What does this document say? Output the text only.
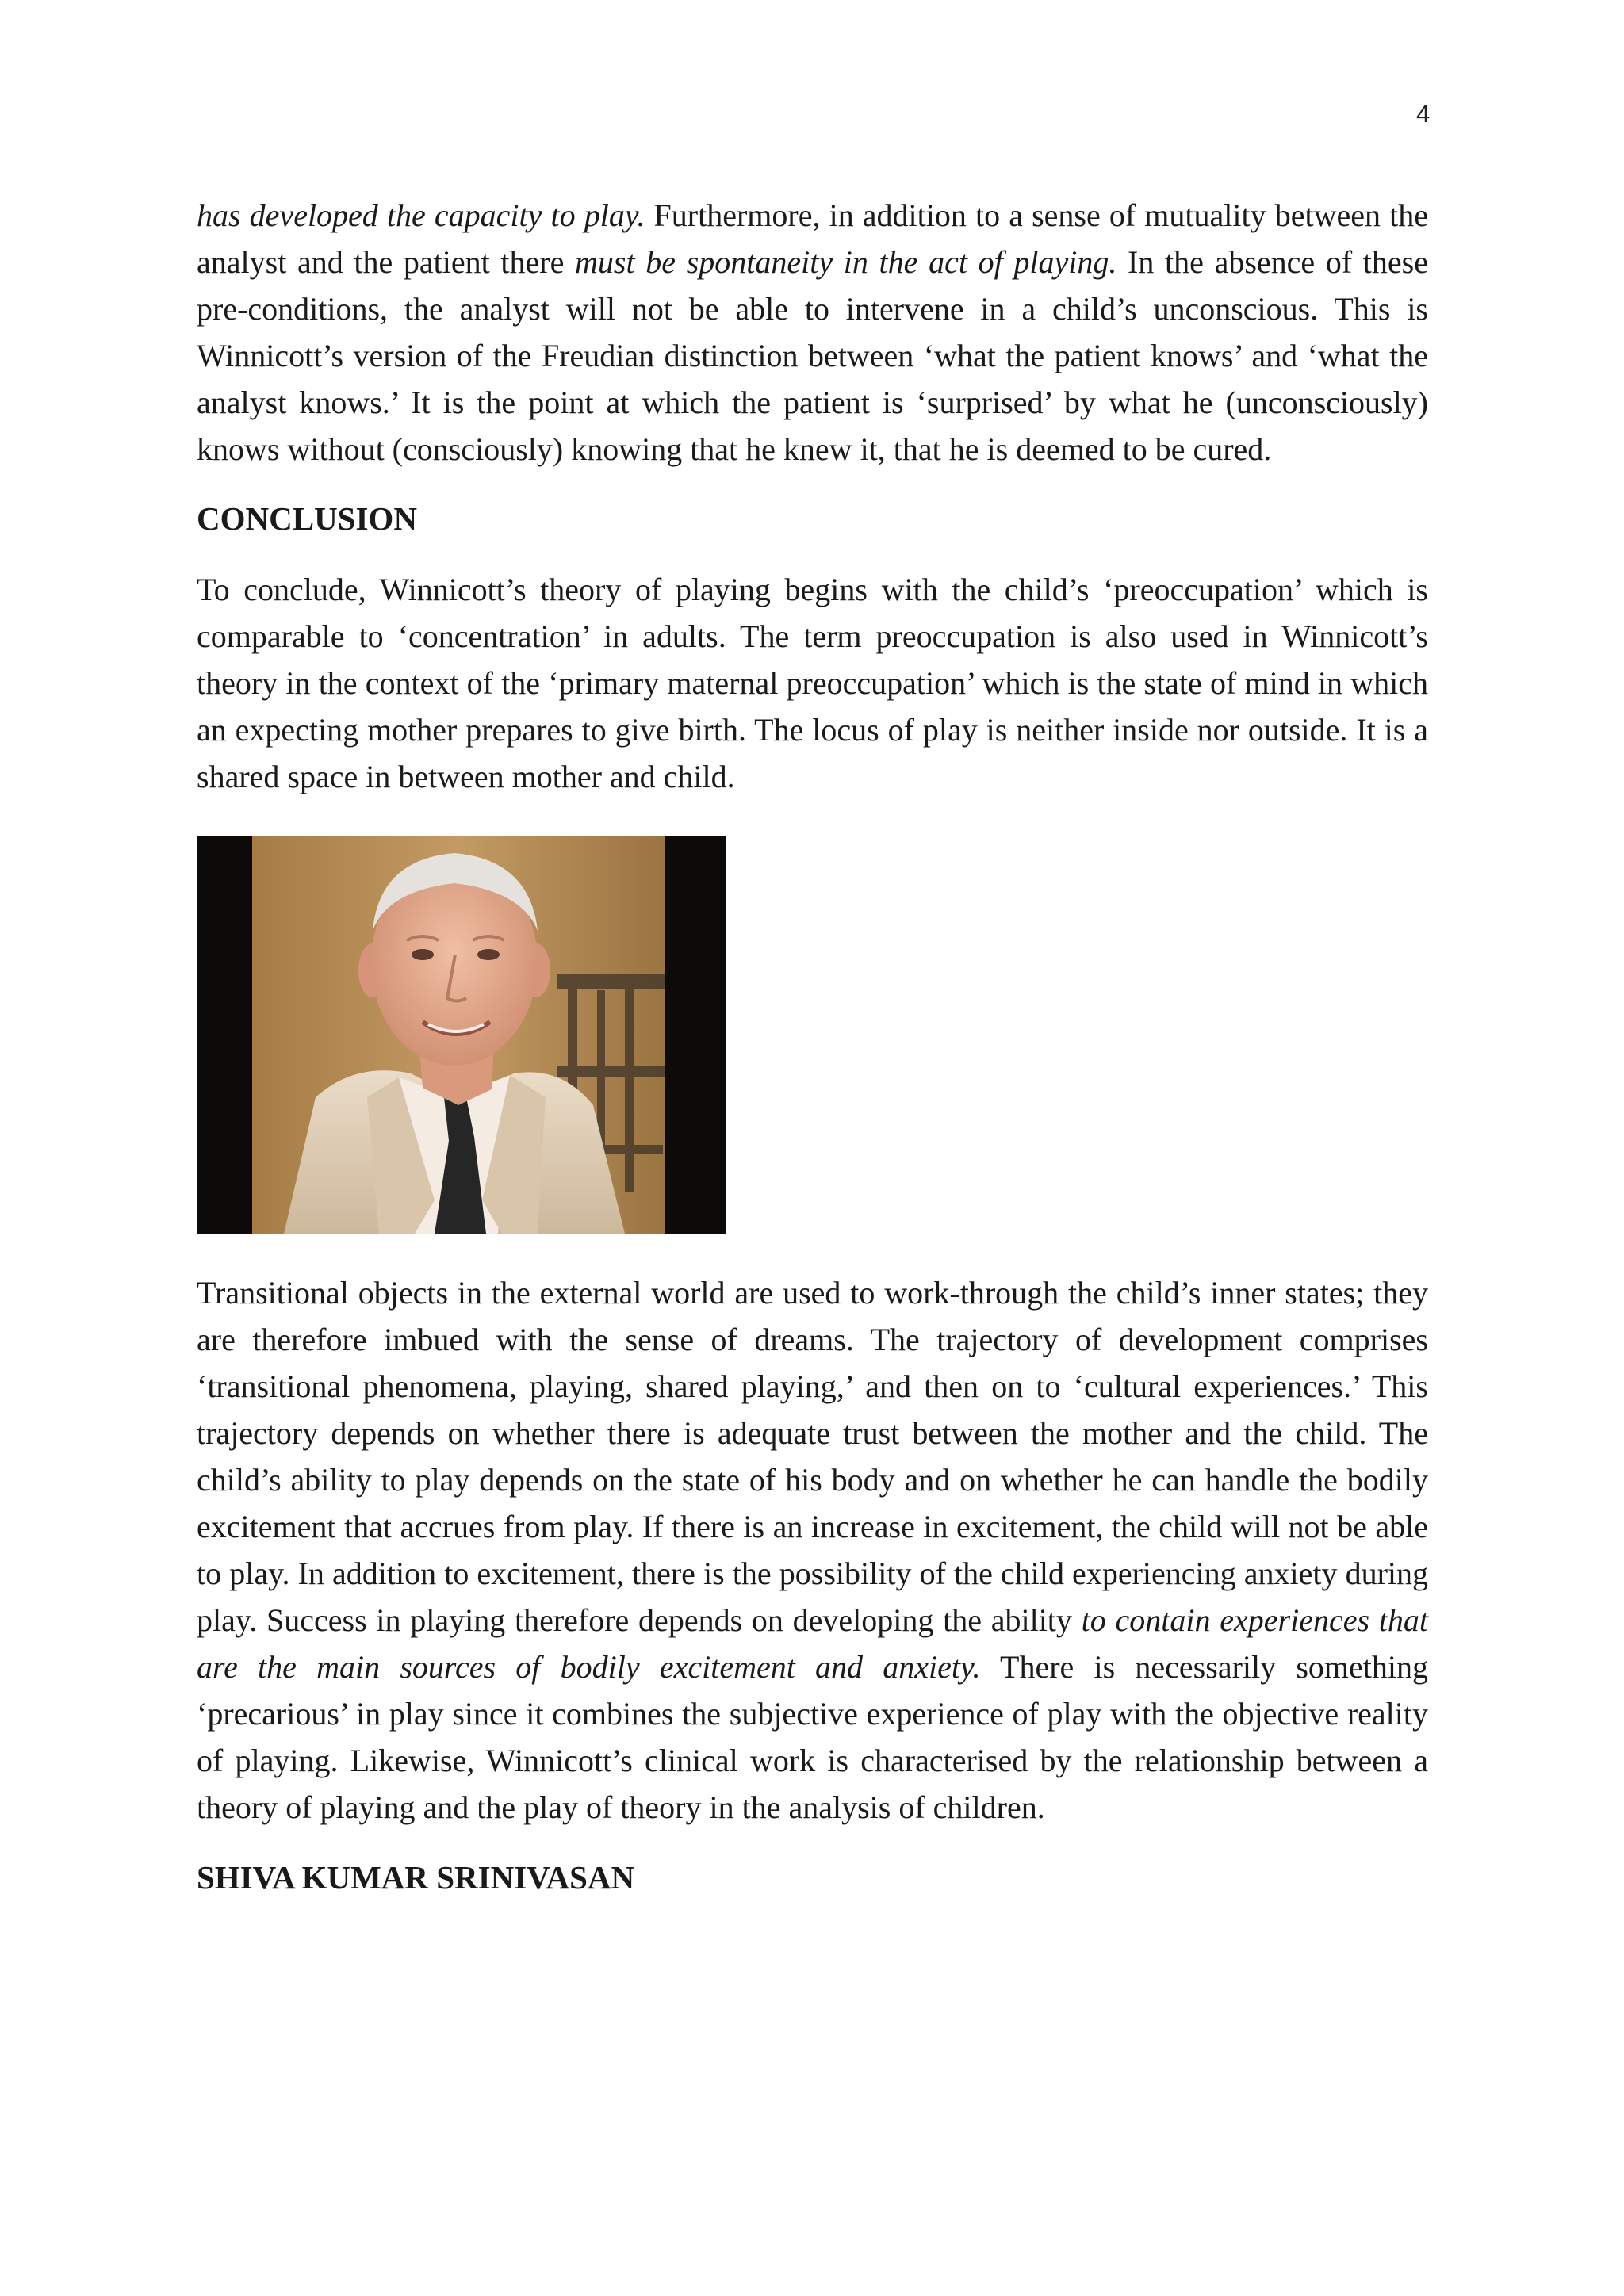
4

has developed the capacity to play. Furthermore, in addition to a sense of mutuality between the analyst and the patient there must be spontaneity in the act of playing. In the absence of these pre-conditions, the analyst will not be able to intervene in a child’s unconscious. This is Winnicott’s version of the Freudian distinction between ‘what the patient knows’ and ‘what the analyst knows.’ It is the point at which the patient is ‘surprised’ by what he (unconsciously) knows without (consciously) knowing that he knew it, that he is deemed to be cured.

CONCLUSION

To conclude, Winnicott’s theory of playing begins with the child’s ‘preoccupation’ which is comparable to ‘concentration’ in adults. The term preoccupation is also used in Winnicott’s theory in the context of the ‘primary maternal preoccupation’ which is the state of mind in which an expecting mother prepares to give birth. The locus of play is neither inside nor outside. It is a shared space in between mother and child.

Transitional objects in the external world are used to work-through the child’s inner states; they are therefore imbued with the sense of dreams. The trajectory of development comprises ‘transitional phenomena, playing, shared playing,’ and then on to ‘cultural experiences.’ This trajectory depends on whether there is adequate trust between the mother and the child. The child’s ability to play depends on the state of his body and on whether he can handle the bodily excitement that accrues from play. If there is an increase in excitement, the child will not be able to play. In addition to excitement, there is the possibility of the child experiencing anxiety during play. Success in playing therefore depends on developing the ability to contain experiences that are the main sources of bodily excitement and anxiety. There is necessarily something ‘precarious’ in play since it combines the subjective experience of play with the objective reality of playing. Likewise, Winnicott’s clinical work is characterised by the relationship between a theory of playing and the play of theory in the analysis of children.

SHIVA KUMAR SRINIVASAN
